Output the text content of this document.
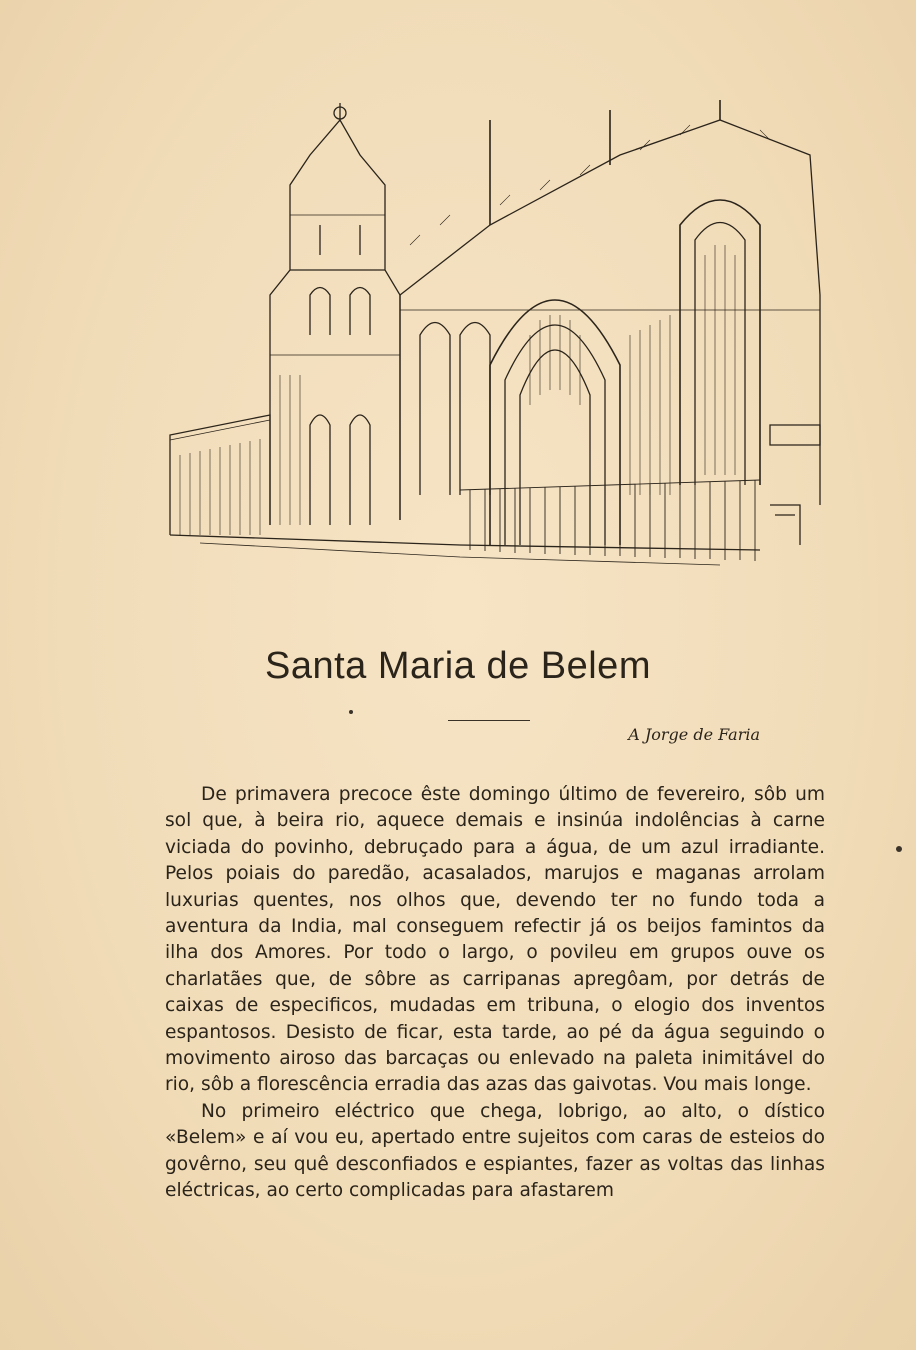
Santa Maria de Belem
A Jorge de Faria

De primavera precoce êste domingo último de fevereiro, sôb um sol que, à beira rio, aquece demais e insinúa indolências à carne viciada do povinho, debruçado para a água, de um azul irradiante. Pelos poiais do paredão, acasalados, marujos e maganas arrolam luxurias quentes, nos olhos que, devendo ter no fundo toda a aventura da India, mal conseguem refectir já os beijos famintos da ilha dos Amores. Por todo o largo, o povileu em grupos ouve os charlatães que, de sôbre as carripanas apregôam, por detrás de caixas de especificos, mudadas em tribuna, o elogio dos inventos espantosos. Desisto de ficar, esta tarde, ao pé da água seguindo o movimento airoso das barcaças ou enlevado na paleta inimitável do rio, sôb a florescência erradia das azas das gaivotas. Vou mais longe.

No primeiro eléctrico que chega, lobrigo, ao alto, o dístico «Belem» e aí vou eu, apertado entre sujeitos com caras de esteios do govêrno, seu quê desconfiados e espiantes, fazer as voltas das linhas eléctricas, ao certo complicadas para afastarem
